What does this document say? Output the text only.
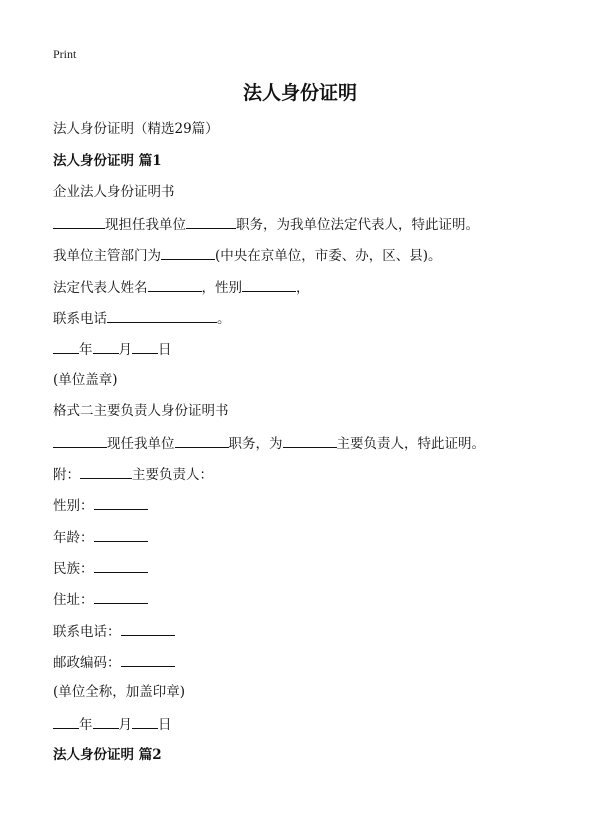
Print
法人身份证明
法人身份证明（精选29篇）
法人身份证明 篇1
企业法人身份证明书
现担任我单位	职务，为我单位法定代表人，特此证明。
我单位主管部门为	(中央在京单位，市委、办，区、县)。
法定代表人姓名	，性别	，
联系电话	。
年 月 日
(单位盖章)
格式二主要负责人身份证明书
现任我单位	职务，为	主要负责人，特此证明。
附：	主要负责人：
性别：
年龄：
民族：
住址：
联系电话：
邮政编码：
(单位全称，加盖印章)
年 月 日
法人身份证明 篇2
